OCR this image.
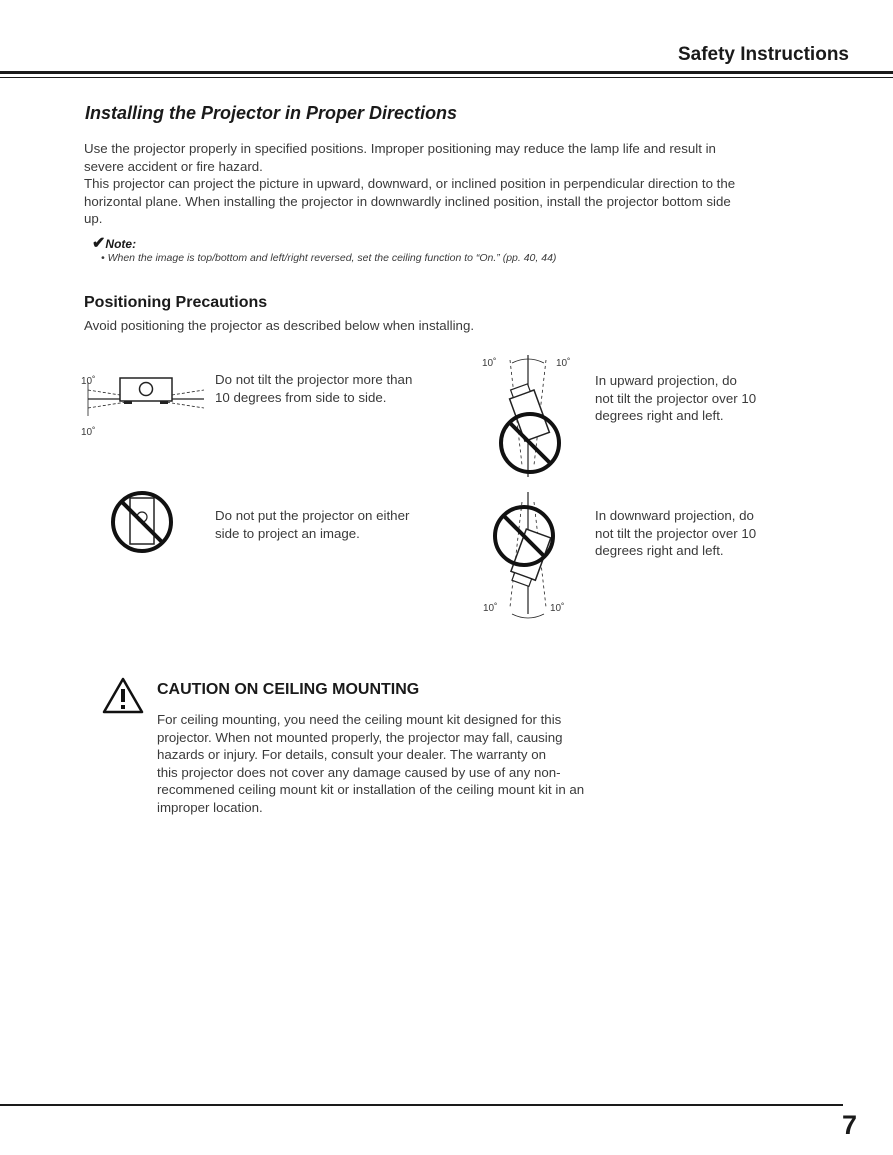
Safety Instructions
Installing the Projector in Proper Directions
Use the projector properly in specified positions. Improper positioning may reduce the lamp life and result in
severe accident or fire hazard.
This projector can project the picture in upward, downward, or inclined position in perpendicular direction to the
horizontal plane. When installing the projector in downwardly inclined position, install the projector bottom side
up.
✔Note:
• When the image is top/bottom and left/right reversed, set the ceiling function to “On.” (pp. 40, 44)
Positioning Precautions
Avoid positioning the projector as described below when installing.
10˚
10˚
Do not tilt the projector more than
10 degrees from side to side.
10˚	10˚
In upward projection, do
not tilt the projector over 10
degrees right and left.
Do not put the projector on either
side to project an image.
10˚	10˚
In downward projection, do
not tilt the projector over 10
degrees right and left.
CAUTION ON CEILING MOUNTING
For ceiling mounting, you need the ceiling mount kit designed for this
projector. When not mounted properly, the projector may fall, causing
hazards or injury. For details, consult your dealer. The warranty on
this projector does not cover any damage caused by use of any non-
recommened ceiling mount kit or installation of the ceiling mount kit in an
improper location.
7
